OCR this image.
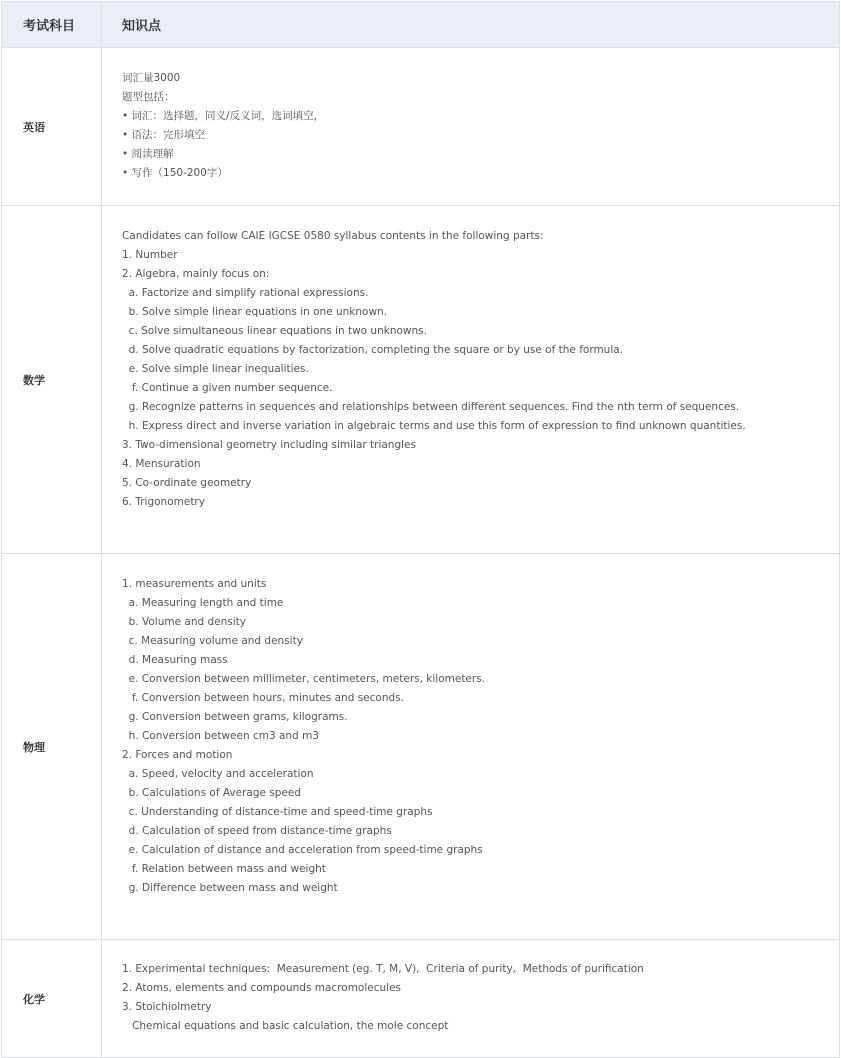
考试科目	知识点
英语
词汇量3000
题型包括：
• 词汇：选择题，同义/反义词，选词填空，
• 语法：完形填空
• 阅读理解
• 写作（150-200字）
数学
Candidates can follow CAIE IGCSE 0580 syllabus contents in the following parts:
1. Number
2. Algebra, mainly focus on:
a. Factorize and simplify rational expressions.
b. Solve simple linear equations in one unknown.
c. Solve simultaneous linear equations in two unknowns.
d. Solve quadratic equations by factorization, completing the square or by use of the formula.
e. Solve simple linear inequalities.
f. Continue a given number sequence.
g. Recognize patterns in sequences and relationships between different sequences. Find the nth term of sequences.
h. Express direct and inverse variation in algebraic terms and use this form of expression to find unknown quantities.
3. Two-dimensional geometry including similar triangles
4. Mensuration
5. Co-ordinate geometry
6. Trigonometry
物理
1. measurements and units
a. Measuring length and time
b. Volume and density
c. Measuring volume and density
d. Measuring mass
e. Conversion between millimeter, centimeters, meters, kilometers.
f. Conversion between hours, minutes and seconds.
g. Conversion between grams, kilograms.
h. Conversion between cm3 and m3
2. Forces and motion
a. Speed, velocity and acceleration
b. Calculations of Average speed
c. Understanding of distance-time and speed-time graphs
d. Calculation of speed from distance-time graphs
e. Calculation of distance and acceleration from speed-time graphs
f. Relation between mass and weight
g. Difference between mass and weight
化学
1. Experimental techniques:  Measurement (eg. T, M, V),  Criteria of purity,  Methods of purification
2. Atoms, elements and compounds macromolecules
3. Stoichiolmetry
Chemical equations and basic calculation, the mole concept
